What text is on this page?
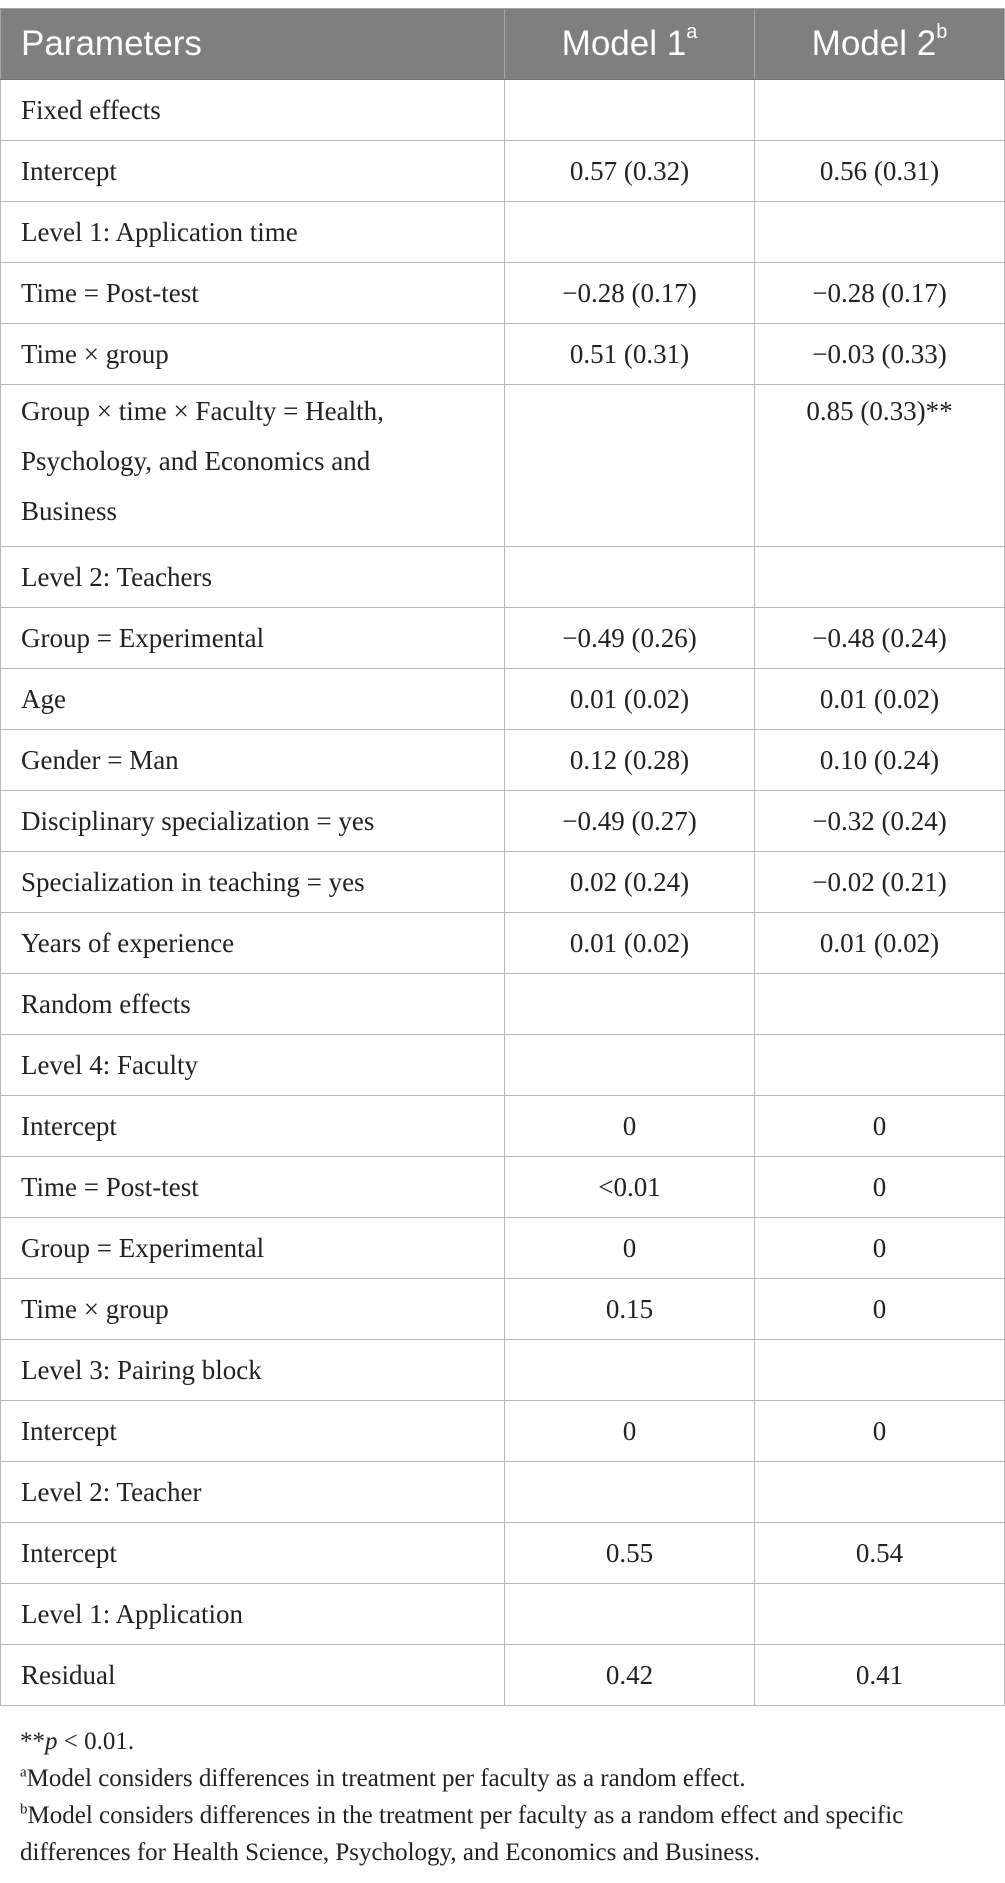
Parameters	Model 1$^a$	Model 2$^b$
Fixed effects		
Intercept	0.57 (0.32)	0.56 (0.31)
Level 1: Application time		
Time = Post-test	−0.28 (0.17)	−0.28 (0.17)
Time × group	0.51 (0.31)	−0.03 (0.33)
Group × time × Faculty = Health, Psychology, and Economics and Business		0.85 (0.33)**
Level 2: Teachers		
Group = Experimental	−0.49 (0.26)	−0.48 (0.24)
Age	0.01 (0.02)	0.01 (0.02)
Gender = Man	0.12 (0.28)	0.10 (0.24)
Disciplinary specialization = yes	−0.49 (0.27)	−0.32 (0.24)
Specialization in teaching = yes	0.02 (0.24)	−0.02 (0.21)
Years of experience	0.01 (0.02)	0.01 (0.02)
Random effects		
Level 4: Faculty		
Intercept	0	0
Time = Post-test	<0.01	0
Group = Experimental	0	0
Time × group	0.15	0
Level 3: Pairing block		
Intercept	0	0
Level 2: Teacher		
Intercept	0.55	0.54
Level 1: Application		
Residual	0.42	0.41

**p < 0.01.

$^a$Model considers differences in treatment per faculty as a random effect.

$^b$Model considers differences in the treatment per faculty as a random effect and specific differences for Health Science, Psychology, and Economics and Business.
